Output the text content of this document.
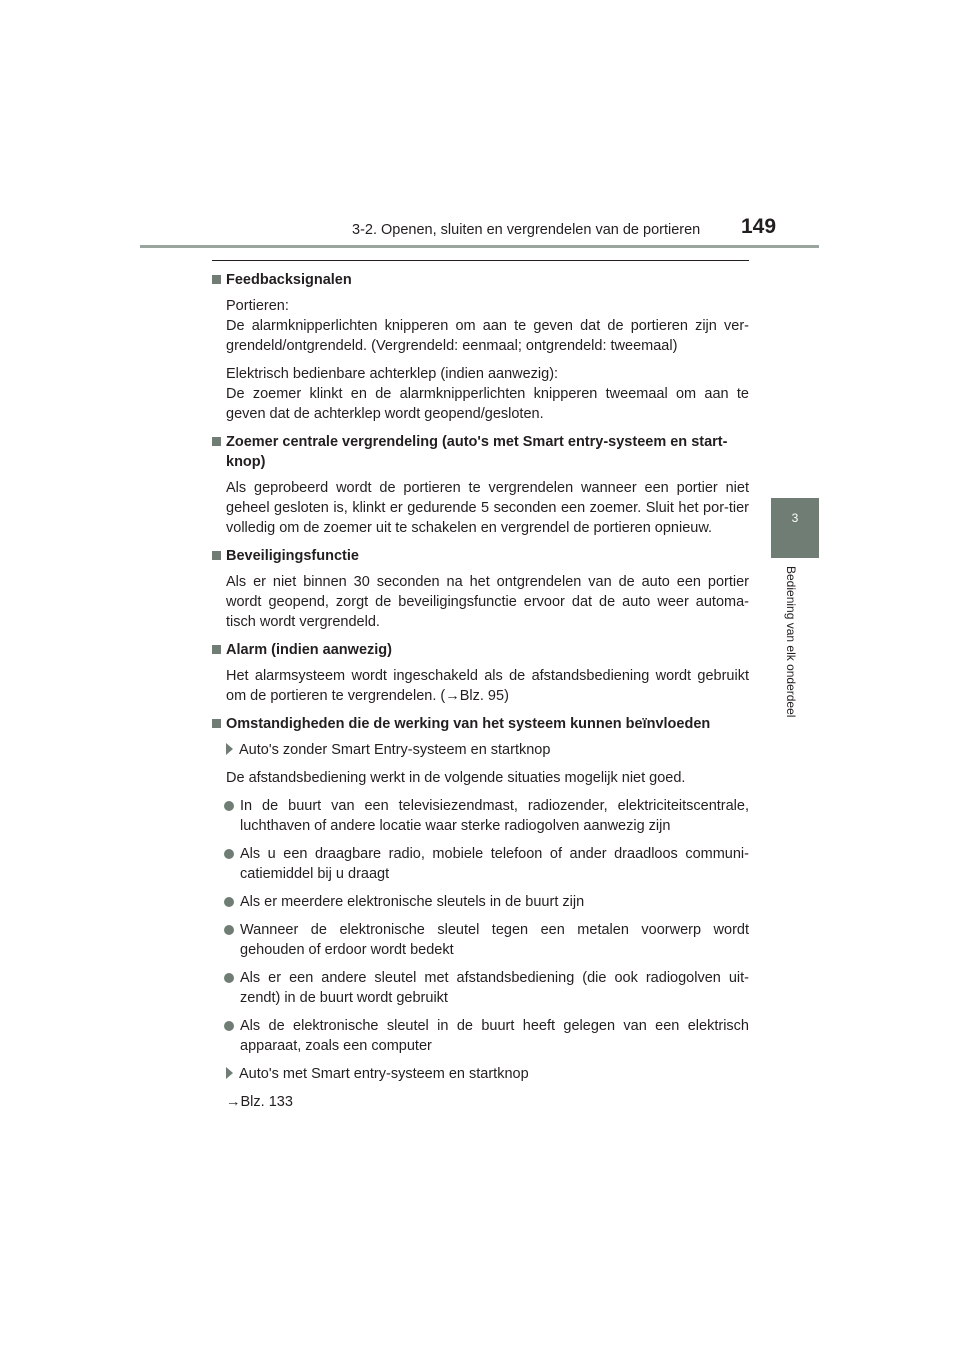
3-2. Openen, sluiten en vergrendelen van de portieren 149
3
Bediening van elk onderdeel
Feedbacksignalen
Portieren:
De alarmknipperlichten knipperen om aan te geven dat de portieren zijn ver-grendeld/ontgrendeld. (Vergrendeld: eenmaal; ontgrendeld: tweemaal)
Elektrisch bedienbare achterklep (indien aanwezig):
De zoemer klinkt en de alarmknipperlichten knipperen tweemaal om aan te geven dat de achterklep wordt geopend/gesloten.
Zoemer centrale vergrendeling (auto's met Smart entry-systeem en start-knop)
Als geprobeerd wordt de portieren te vergrendelen wanneer een portier niet geheel gesloten is, klinkt er gedurende 5 seconden een zoemer. Sluit het por-tier volledig om de zoemer uit te schakelen en vergrendel de portieren opnieuw.
Beveiligingsfunctie
Als er niet binnen 30 seconden na het ontgrendelen van de auto een portier wordt geopend, zorgt de beveiligingsfunctie ervoor dat de auto weer automa-tisch wordt vergrendeld.
Alarm (indien aanwezig)
Het alarmsysteem wordt ingeschakeld als de afstandsbediening wordt gebruikt om de portieren te vergrendelen. (→Blz. 95)
Omstandigheden die de werking van het systeem kunnen beïnvloeden
Auto's zonder Smart Entry-systeem en startknop
De afstandsbediening werkt in de volgende situaties mogelijk niet goed.
In de buurt van een televisiezendmast, radiozender, elektriciteitscentrale, luchthaven of andere locatie waar sterke radiogolven aanwezig zijn
Als u een draagbare radio, mobiele telefoon of ander draadloos communi-catiemiddel bij u draagt
Als er meerdere elektronische sleutels in de buurt zijn
Wanneer de elektronische sleutel tegen een metalen voorwerp wordt gehouden of erdoor wordt bedekt
Als er een andere sleutel met afstandsbediening (die ook radiogolven uit-zendt) in de buurt wordt gebruikt
Als de elektronische sleutel in de buurt heeft gelegen van een elektrisch apparaat, zoals een computer
Auto's met Smart entry-systeem en startknop
→Blz. 133
